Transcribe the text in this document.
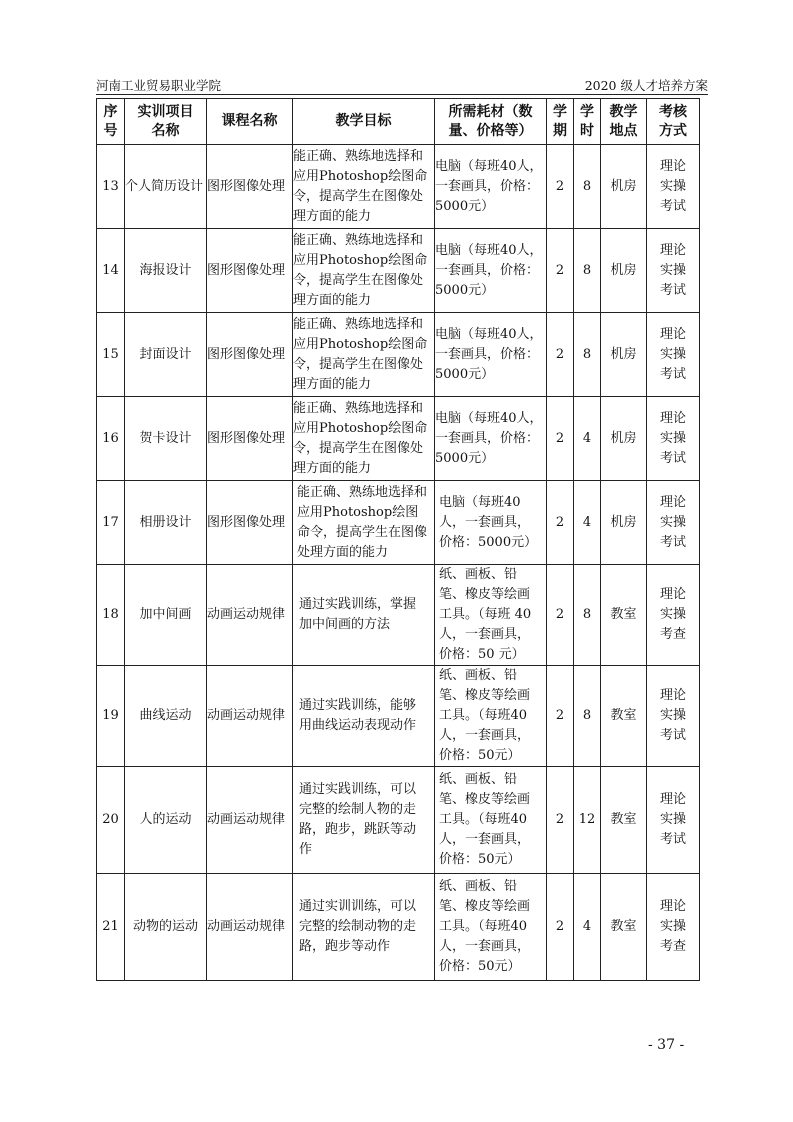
河南工业贸易职业学院	2020 级人才培养方案
序号	实训项目名称	课程名称	教学目标	所需耗材（数量、价格等）	学期	学时	教学地点	考核方式

13	个人简历设计	图形图像处理	能正确、熟练地选择和应用Photoshop绘图命令，提高学生在图像处理方面的能力	电脑（每班40人，一套画具，价格：5000元）	2	8	机房	理论实操考试

14	海报设计	图形图像处理	能正确、熟练地选择和应用Photoshop绘图命令，提高学生在图像处理方面的能力	电脑（每班40人，一套画具，价格：5000元）	2	8	机房	理论实操考试

15	封面设计	图形图像处理	能正确、熟练地选择和应用Photoshop绘图命令，提高学生在图像处理方面的能力	电脑（每班40人，一套画具，价格：5000元）	2	8	机房	理论实操考试

16	贺卡设计	图形图像处理	能正确、熟练地选择和应用Photoshop绘图命令，提高学生在图像处理方面的能力	电脑（每班40人，一套画具，价格：5000元）	2	4	机房	理论实操考试

17	相册设计	图形图像处理	能正确、熟练地选择和应用Photoshop绘图命令，提高学生在图像处理方面的能力	电脑（每班40人，一套画具，价格：5000元）	2	4	机房	理论实操考试

18	加中间画	动画运动规律	通过实践训练，掌握加中间画的方法	纸、画板、铅笔、橡皮等绘画工具。（每班 40人，一套画具，价格：50 元）	2	8	教室	理论实操考查

19	曲线运动	动画运动规律	通过实践训练，能够用曲线运动表现动作	纸、画板、铅笔、橡皮等绘画工具。（每班40人，一套画具，价格：50元）	2	8	教室	理论实操考试

20	人的运动	动画运动规律	通过实践训练，可以完整的绘制人物的走路，跑步，跳跃等动作	纸、画板、铅笔、橡皮等绘画工具。（每班40人，一套画具，价格：50元）	2	12	教室	理论实操考试

21	动物的运动	动画运动规律	通过实训训练，可以完整的绘制动物的走路，跑步等动作	纸、画板、铅笔、橡皮等绘画工具。（每班40人，一套画具，价格：50元）	2	4	教室	理论实操考查
- 37 -
